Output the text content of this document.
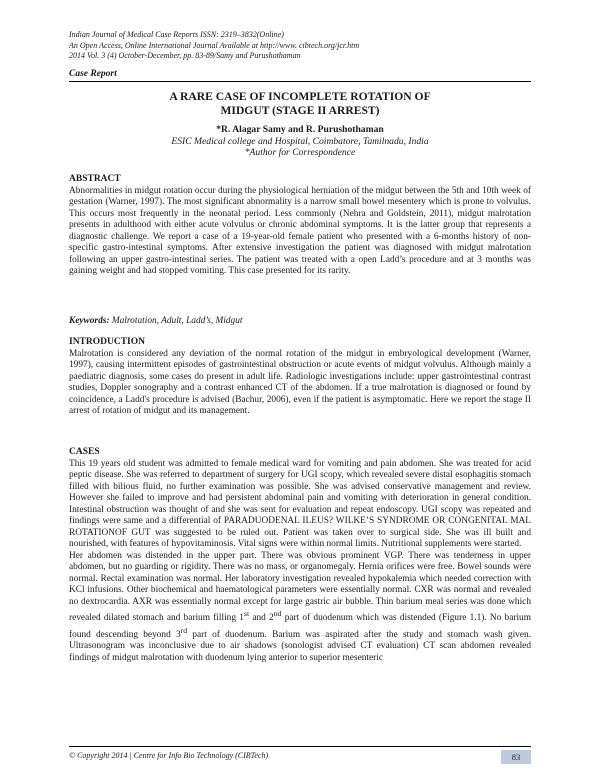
Indian Journal of Medical Case Reports ISSN: 2319–3832(Online)
An Open Access, Online International Journal Available at http://www. cibtech.org/jcr.htm
2014 Vol. 3 (4) October-December, pp. 83-89/Samy and Purushothaman
Case Report
A RARE CASE OF INCOMPLETE ROTATION OF
MIDGUT (STAGE II ARREST)
*R. Alagar Samy and R. Purushothaman
ESIC Medical college and Hospital, Coimbatore, Tamilnadu, India
*Author for Correspondence
ABSTRACT

Abnormalities in midgut rotation occur during the physiological herniation of the midgut between the 5th and 10th week of gestation (Warner, 1997). The most significant abnormality is a narrow small bowel mesentery which is prone to volvulus. This occurs most frequently in the neonatal period. Less commonly (Nehra and Goldstein, 2011), midgut malrotation presents in adulthood with either acute volvulus or chronic abdominal symptoms. It is the latter group that represents a diagnostic challenge. We report a case of a 19-year-old female patient who presented with a 6-months history of non-specific gastro-intestinal symptoms. After extensive investigation the patient was diagnosed with midgut malrotation following an upper gastro-intestinal series. The patient was treated with a open Ladd’s procedure and at 3 months was gaining weight and had stopped vomiting. This case presented for its rarity.

Keywords: Malrotation, Adult, Ladd’s, Midgut
INTRODUCTION

Malrotation is considered any deviation of the normal rotation of the midgut in embryological development (Warner, 1997), causing intermittent episodes of gastrointestinal obstruction or acute events of midgut volvulus. Although mainly a paediatric diagnosis, some cases do present in adult life. Radiologic investigations include: upper gastrointestinal contrast studies, Doppler sonography and a contrast enhanced CT of the abdomen. If a true malrotation is diagnosed or found by coincidence, a Ladd's procedure is advised (Bachur, 2006), even if the patient is asymptomatic. Here we report the stage II arrest of rotation of midgut and its management.

CASES

This 19 years old student was admitted to female medical ward for vomiting and pain abdomen. She was treated for acid peptic disease. She was referred to department of surgery for UGI scopy, which revealed severe distal esophagitis stomach filled with bilious fluid, no further examination was possible. She was advised conservative management and review. However she failed to improve and had persistent abdominal pain and vomiting with deterioration in general condition. Intestinal obstruction was thought of and she was sent for evaluation and repeat endoscopy. UGI scopy was repeated and findings were same and a differential of PARADUODENAL ILEUS? WILKE’S SYNDROME OR CONGENITAL MAL ROTATIONOF GUT was suggested to be ruled out. Patient was taken over to surgical side. She was ill built and nourished, with features of hypovitaminosis. Vital signs were within normal limits. Nutritional supplements were started.

Her abdomen was distended in the upper part. There was obvious prominent VGP. There was tenderness in upper abdomen, but no guarding or rigidity. There was no mass, or organomegaly. Hernia orifices were free. Bowel sounds were normal. Rectal examination was normal. Her laboratory investigation revealed hypokalemia which needed correction with KCl infusions. Other biochemical and haematological parameters were essentially normal. CXR was normal and revealed no dextrocardia. AXR was essentially normal except for large gastric air bubble. Thin barium meal series was done which revealed dilated stomach and barium filling 1st and 2nd part of duodenum which was distended (Figure 1.1). No barium found descending beyond 3rd part of duodenum. Barium was aspirated after the study and stomach wash given. Ultrasonogram was inconclusive due to air shadows (sonologist advised CT evaluation) CT scan abdomen revealed findings of midgut malrotation with duodenum lying anterior to superior mesenteric

© Copyright 2014 | Centre for Info Bio Technology (CIBTech)	83
